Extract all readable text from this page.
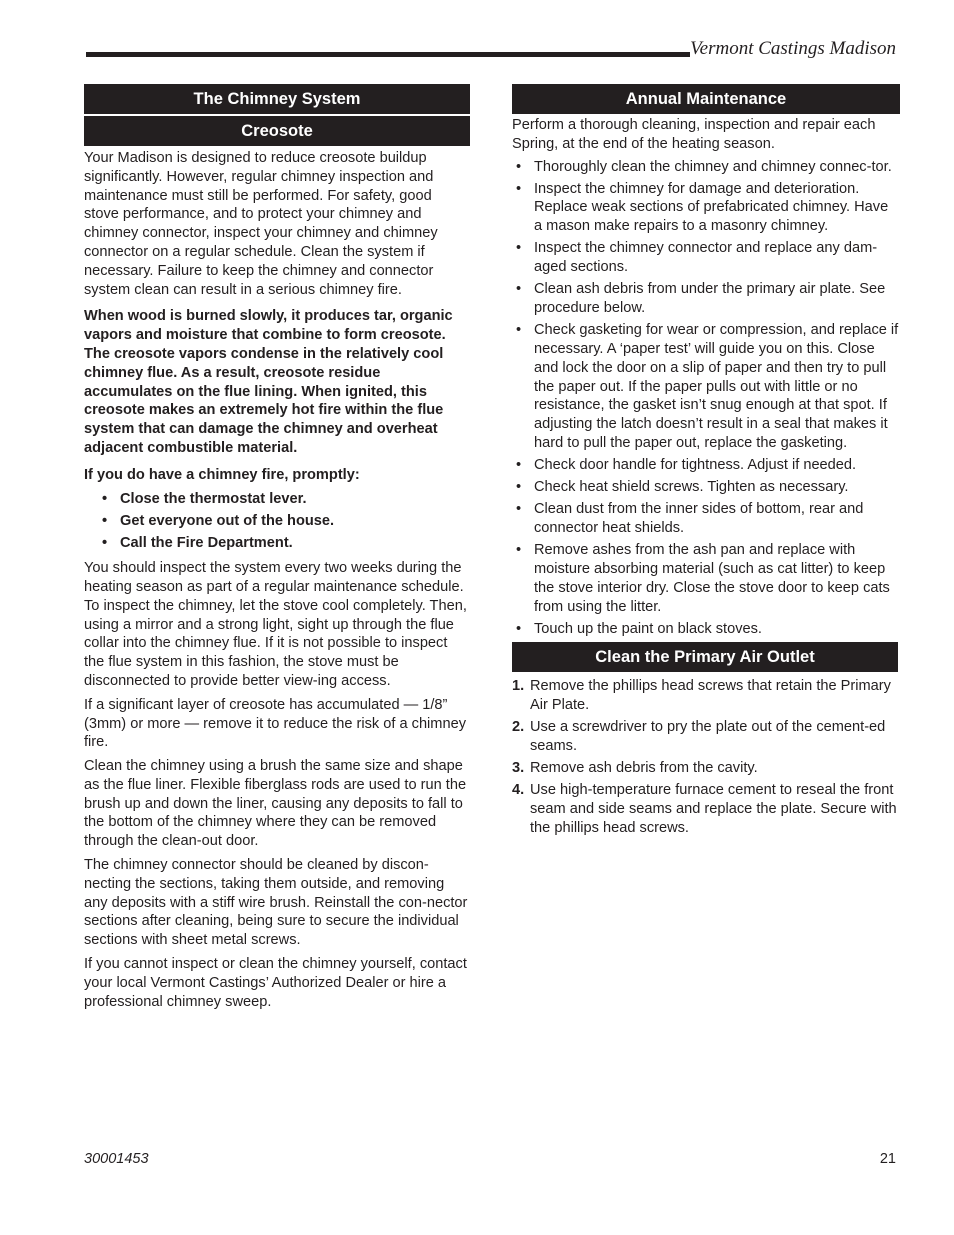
Vermont Castings Madison
The Chimney System
Creosote

Your Madison is designed to reduce creosote buildup significantly. However, regular chimney inspection and maintenance must still be performed. For safety, good stove performance, and to protect your chimney and chimney connector, inspect your chimney and chimney connector on a regular schedule. Clean the system if necessary. Failure to keep the chimney and connector system clean can result in a serious chimney fire.

When wood is burned slowly, it produces tar, organic vapors and moisture that combine to form creosote. The creosote vapors condense in the relatively cool chimney flue. As a result, creosote residue accumulates on the flue lining. When ignited, this creosote makes an extremely hot fire within the flue system that can damage the chimney and overheat adjacent combustible material.

If you do have a chimney fire, promptly:

• Close the thermostat lever.
• Get everyone out of the house.
• Call the Fire Department.

You should inspect the system every two weeks during the heating season as part of a regular maintenance schedule. To inspect the chimney, let the stove cool completely. Then, using a mirror and a strong light, sight up through the flue collar into the chimney flue. If it is not possible to inspect the flue system in this fashion, the stove must be disconnected to provide better view-ing access.

If a significant layer of creosote has accumulated — 1/8” (3mm) or more — remove it to reduce the risk of a chimney fire.

Clean the chimney using a brush the same size and shape as the flue liner. Flexible fiberglass rods are used to run the brush up and down the liner, causing any deposits to fall to the bottom of the chimney where they can be removed through the clean-out door.

The chimney connector should be cleaned by discon-necting the sections, taking them outside, and removing any deposits with a stiff wire brush. Reinstall the con-nector sections after cleaning, being sure to secure the individual sections with sheet metal screws.

If you cannot inspect or clean the chimney yourself, contact your local Vermont Castings’ Authorized Dealer or hire a professional chimney sweep.

Annual Maintenance

Perform a thorough cleaning, inspection and repair each Spring, at the end of the heating season.

• Thoroughly clean the chimney and chimney connec-tor.
• Inspect the chimney for damage and deterioration. Replace weak sections of prefabricated chimney. Have a mason make repairs to a masonry chimney.
• Inspect the chimney connector and replace any dam-aged sections.
• Clean ash debris from under the primary air plate. See procedure below.
• Check gasketing for wear or compression, and replace if necessary. A ‘paper test’ will guide you on this. Close and lock the door on a slip of paper and then try to pull the paper out. If the paper pulls out with little or no resistance, the gasket isn’t snug enough at that spot. If adjusting the latch doesn’t result in a seal that makes it hard to pull the paper out, replace the gasketing.
• Check door handle for tightness. Adjust if needed.
• Check heat shield screws. Tighten as necessary.
• Clean dust from the inner sides of bottom, rear and connector heat shields.
• Remove ashes from the ash pan and replace with moisture absorbing material (such as cat litter) to keep the stove interior dry. Close the stove door to keep cats from using the litter.
• Touch up the paint on black stoves.
Clean the Primary Air Outlet
1. Remove the phillips head screws that retain the Primary Air Plate.
2. Use a screwdriver to pry the plate out of the cement-ed seams.
3. Remove ash debris from the cavity.
4. Use high-temperature furnace cement to reseal the front seam and side seams and replace the plate. Secure with the phillips head screws.
30001453	21
